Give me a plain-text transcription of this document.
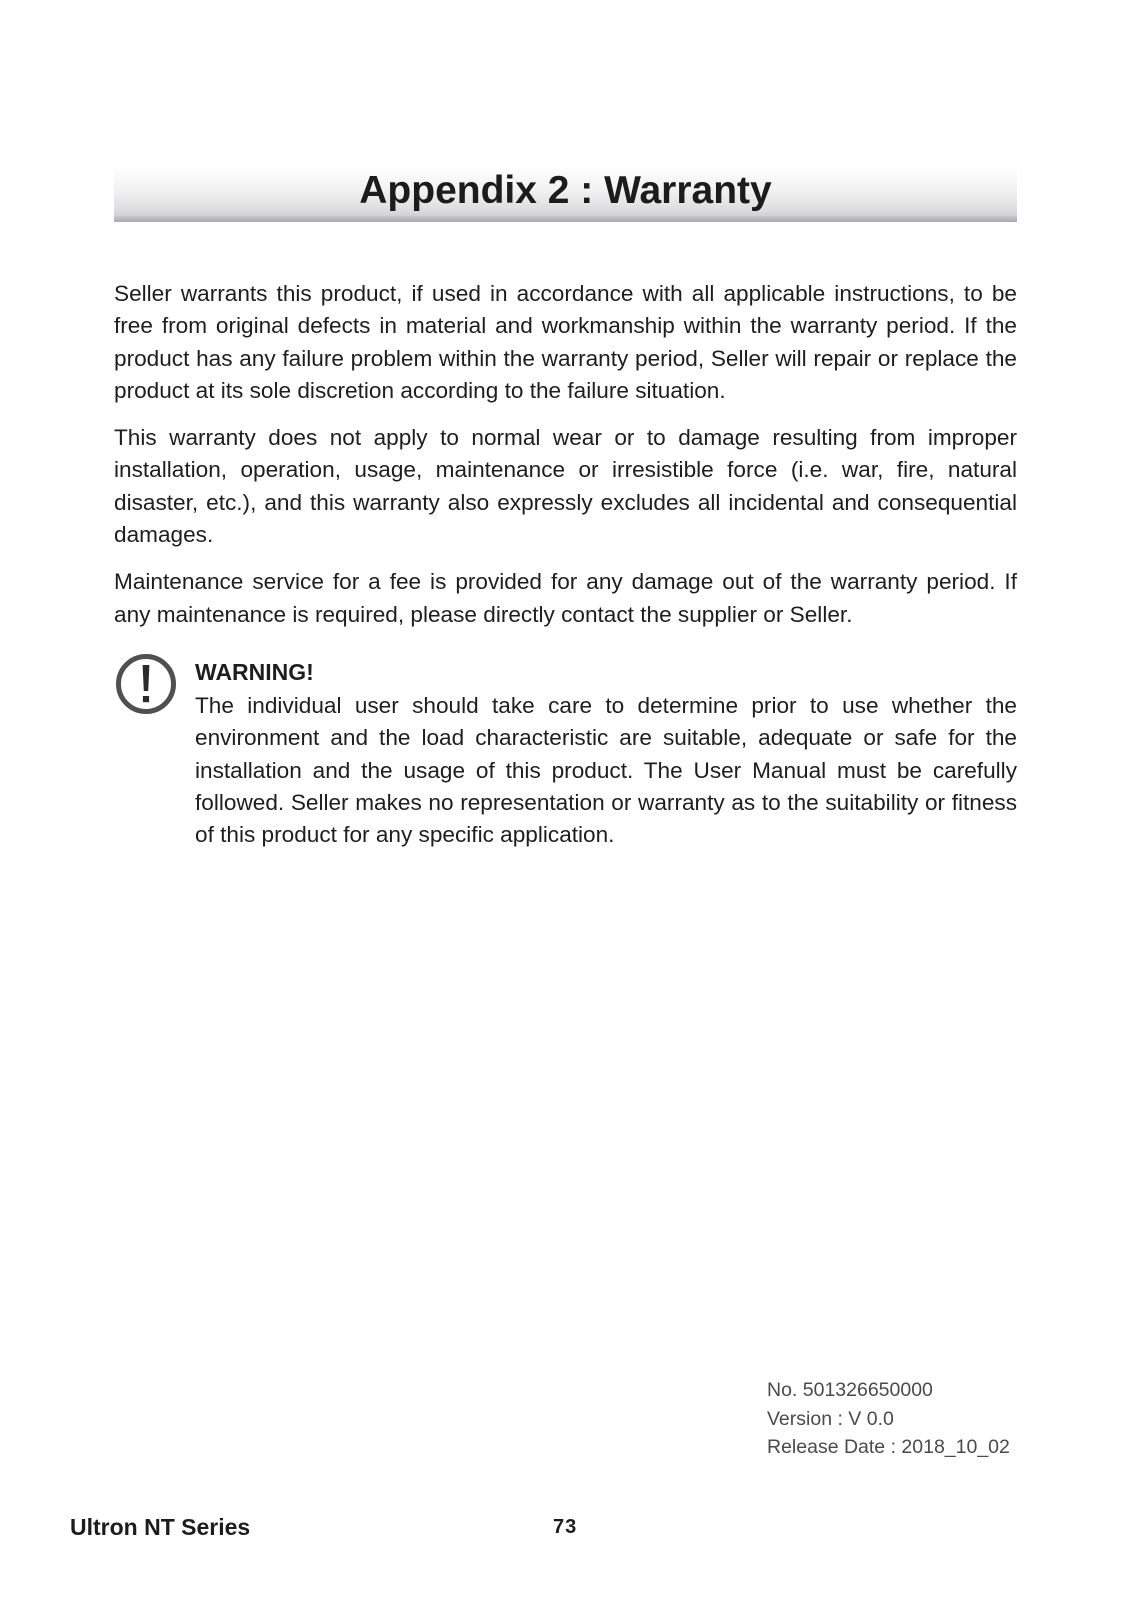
Appendix 2 : Warranty

Seller warrants this product, if used in accordance with all applicable instructions, to be free from original defects in material and workmanship within the warranty period. If the product has any failure problem within the warranty period, Seller will repair or replace the product at its sole discretion according to the failure situation.

This warranty does not apply to normal wear or to damage resulting from improper installation, operation, usage, maintenance or irresistible force (i.e. war, fire, natural disaster, etc.), and this warranty also expressly excludes all incidental and consequential damages.

Maintenance service for a fee is provided for any damage out of the warranty period. If any maintenance is required, please directly contact the supplier or Seller.

WARNING!

The individual user should take care to determine prior to use whether the environment and the load characteristic are suitable, adequate or safe for the installation and the usage of this product. The User Manual must be carefully followed. Seller makes no representation or warranty as to the suitability or fitness of this product for any specific application.

No. 501326650000
Version : V 0.0
Release Date : 2018_10_02
Ultron NT Series	73
